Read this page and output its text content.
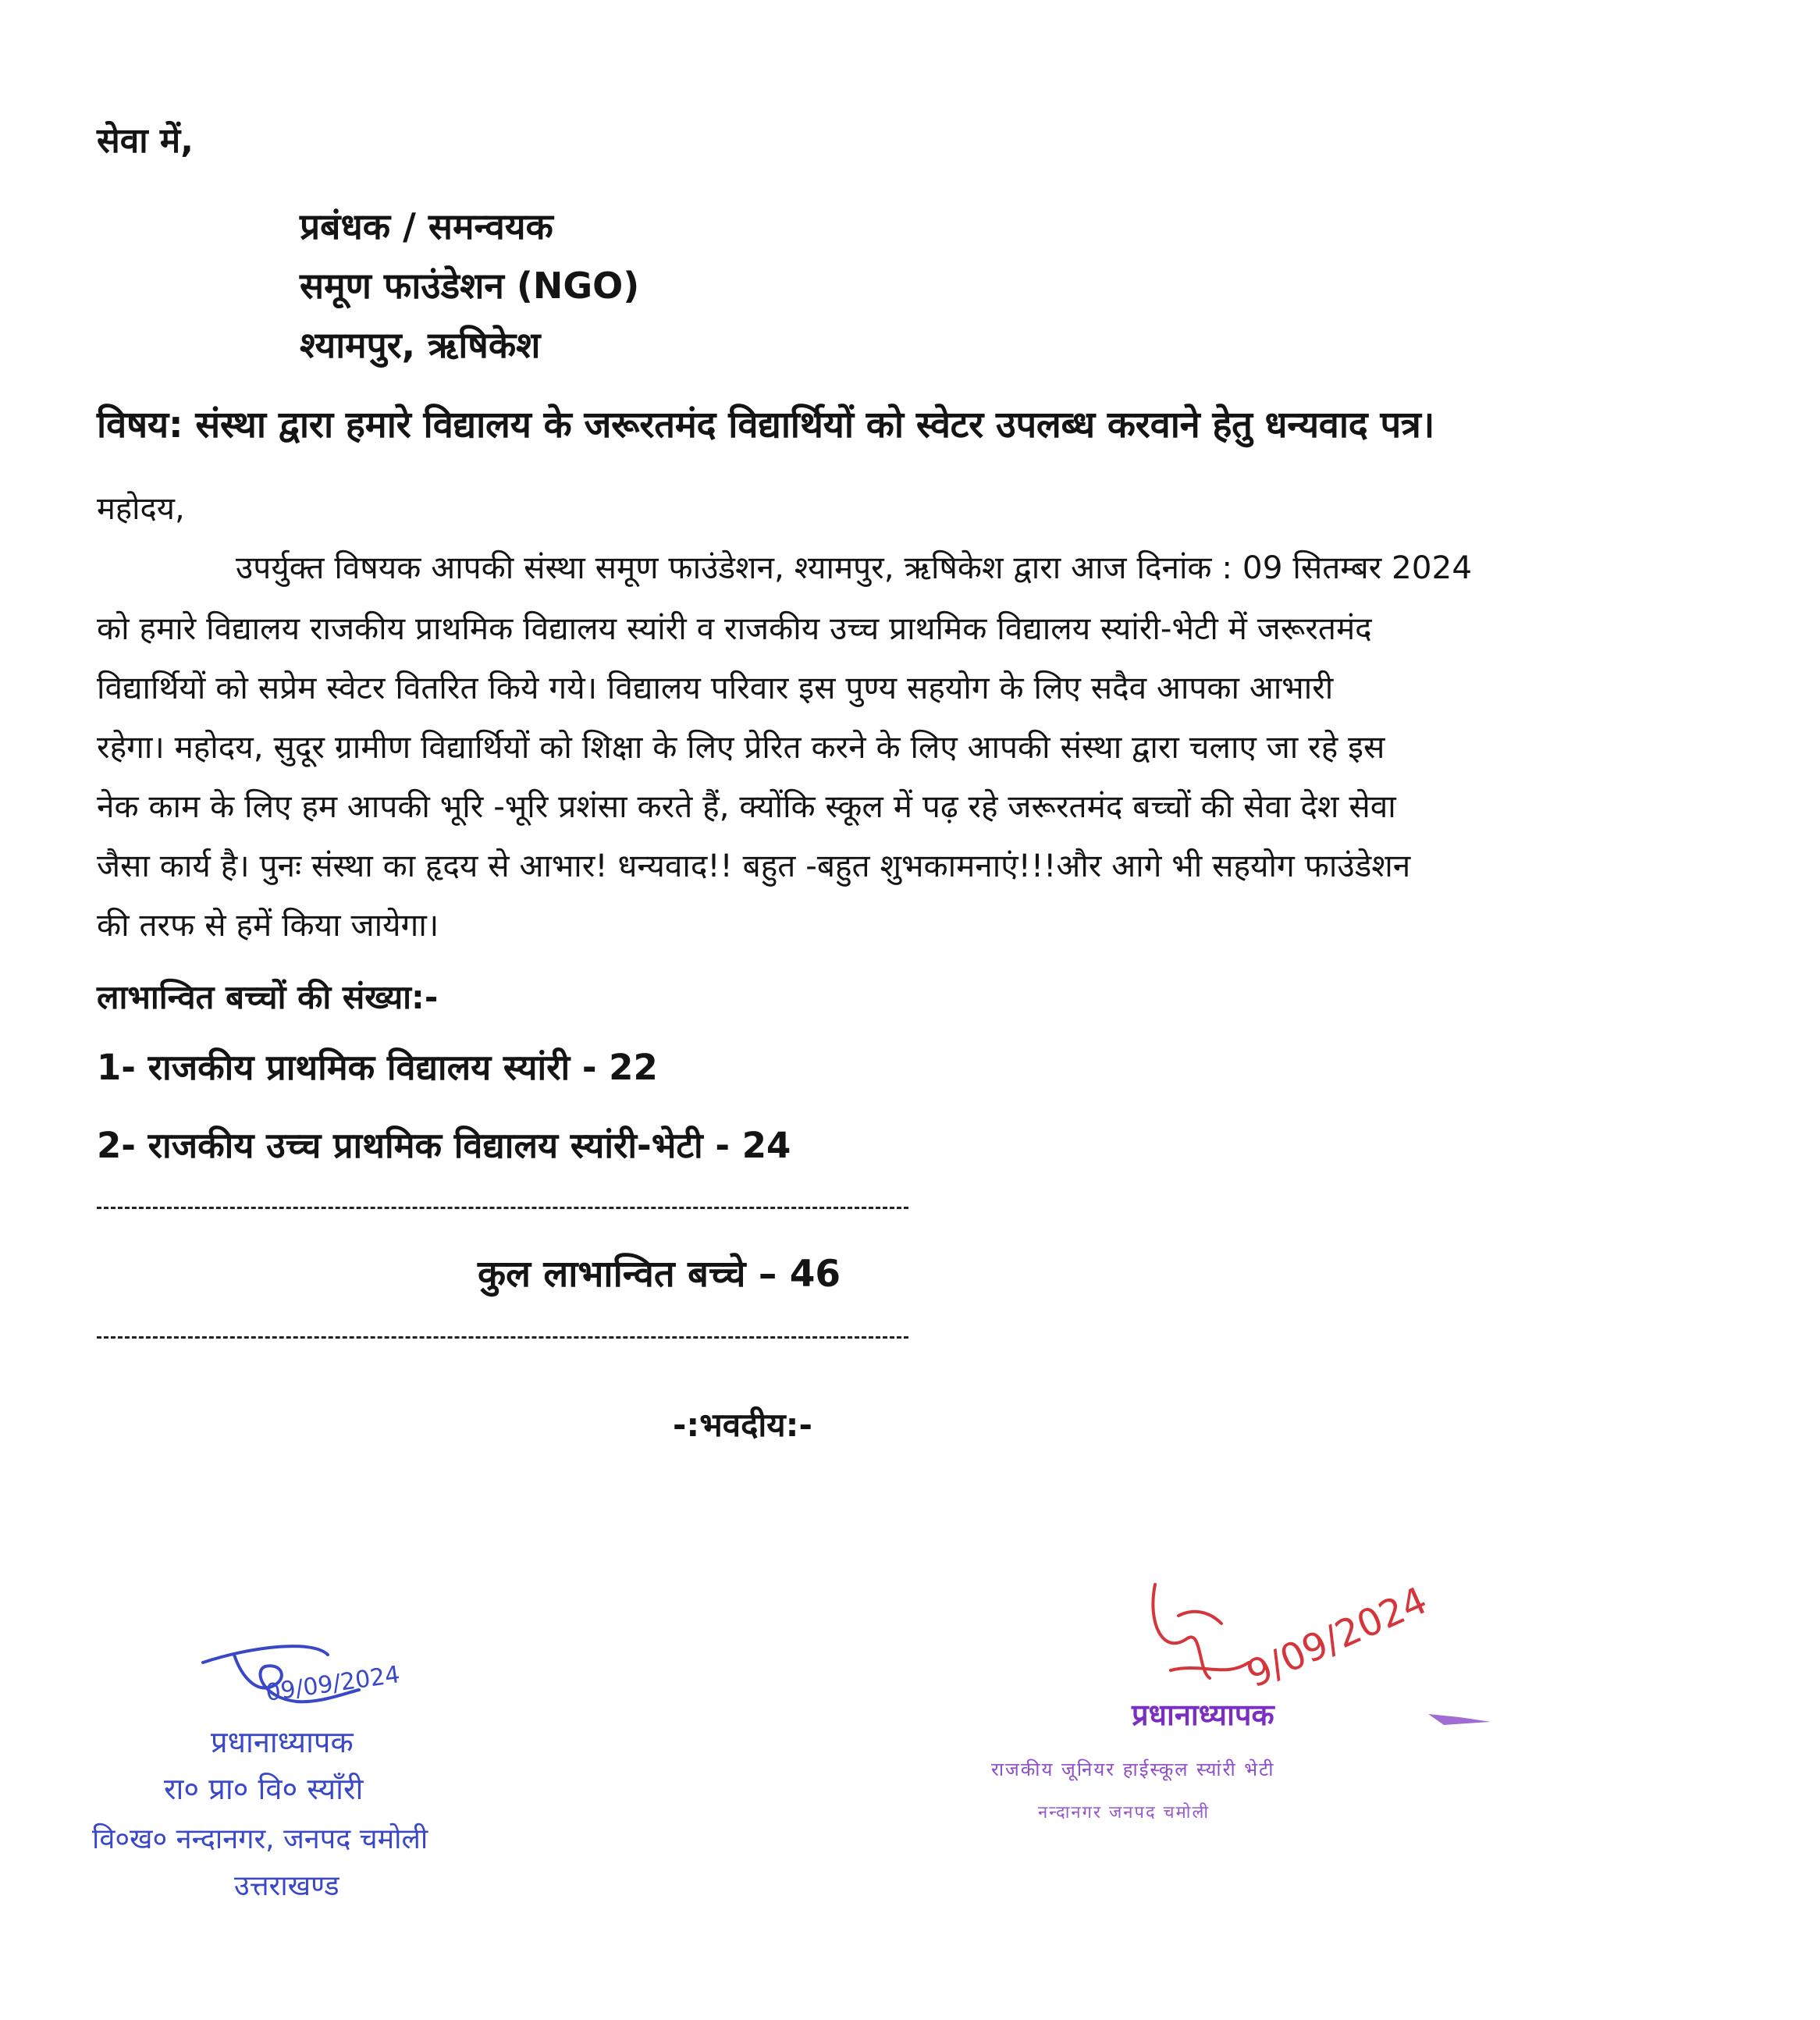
सेवा में,
प्रबंधक / समन्वयक
समूण फाउंडेशन (NGO)
श्यामपुर, ऋषिकेश
विषय: संस्था द्वारा हमारे विद्यालय के जरूरतमंद विद्यार्थियों को स्वेटर उपलब्ध करवाने हेतु धन्यवाद पत्र।
महोदय,
उपर्युक्त विषयक आपकी संस्था समूण फाउंडेशन, श्यामपुर, ऋषिकेश द्वारा आज दिनांक : 09 सितम्बर 2024
को हमारे विद्यालय राजकीय प्राथमिक विद्यालय स्यांरी व राजकीय उच्च प्राथमिक विद्यालय स्यांरी-भेटी में जरूरतमंद
विद्यार्थियों को सप्रेम स्वेटर वितरित किये गये। विद्यालय परिवार इस पुण्य सहयोग के लिए सदैव आपका आभारी
रहेगा। महोदय, सुदूर ग्रामीण विद्यार्थियों को शिक्षा के लिए प्रेरित करने के लिए आपकी संस्था द्वारा चलाए जा रहे इस
नेक काम के लिए हम आपकी भूरि -भूरि प्रशंसा करते हैं, क्योंकि स्कूल में पढ़ रहे जरूरतमंद बच्चों की सेवा देश सेवा
जैसा कार्य है। पुनः संस्था का हृदय से आभार! धन्यवाद!! बहुत -बहुत शुभकामनाएं!!!और आगे भी सहयोग फाउंडेशन
की तरफ से हमें किया जायेगा।
लाभान्वित बच्चों की संख्या:-
1- राजकीय प्राथमिक विद्यालय स्यांरी - 22
2- राजकीय उच्च प्राथमिक विद्यालय स्यांरी-भेटी - 24
कुल लाभान्वित बच्चे – 46
-:भवदीय:-
09/09/2024
प्रधानाध्यापक
रा० प्रा० वि० स्याँरी
वि०ख० नन्दानगर, जनपद चमोली
उत्तराखण्ड
9/09/2024
प्रधानाध्यापक
राजकीय जूनियर हाईस्कूल स्यांरी भेटी
नन्दानगर जनपद चमोली
